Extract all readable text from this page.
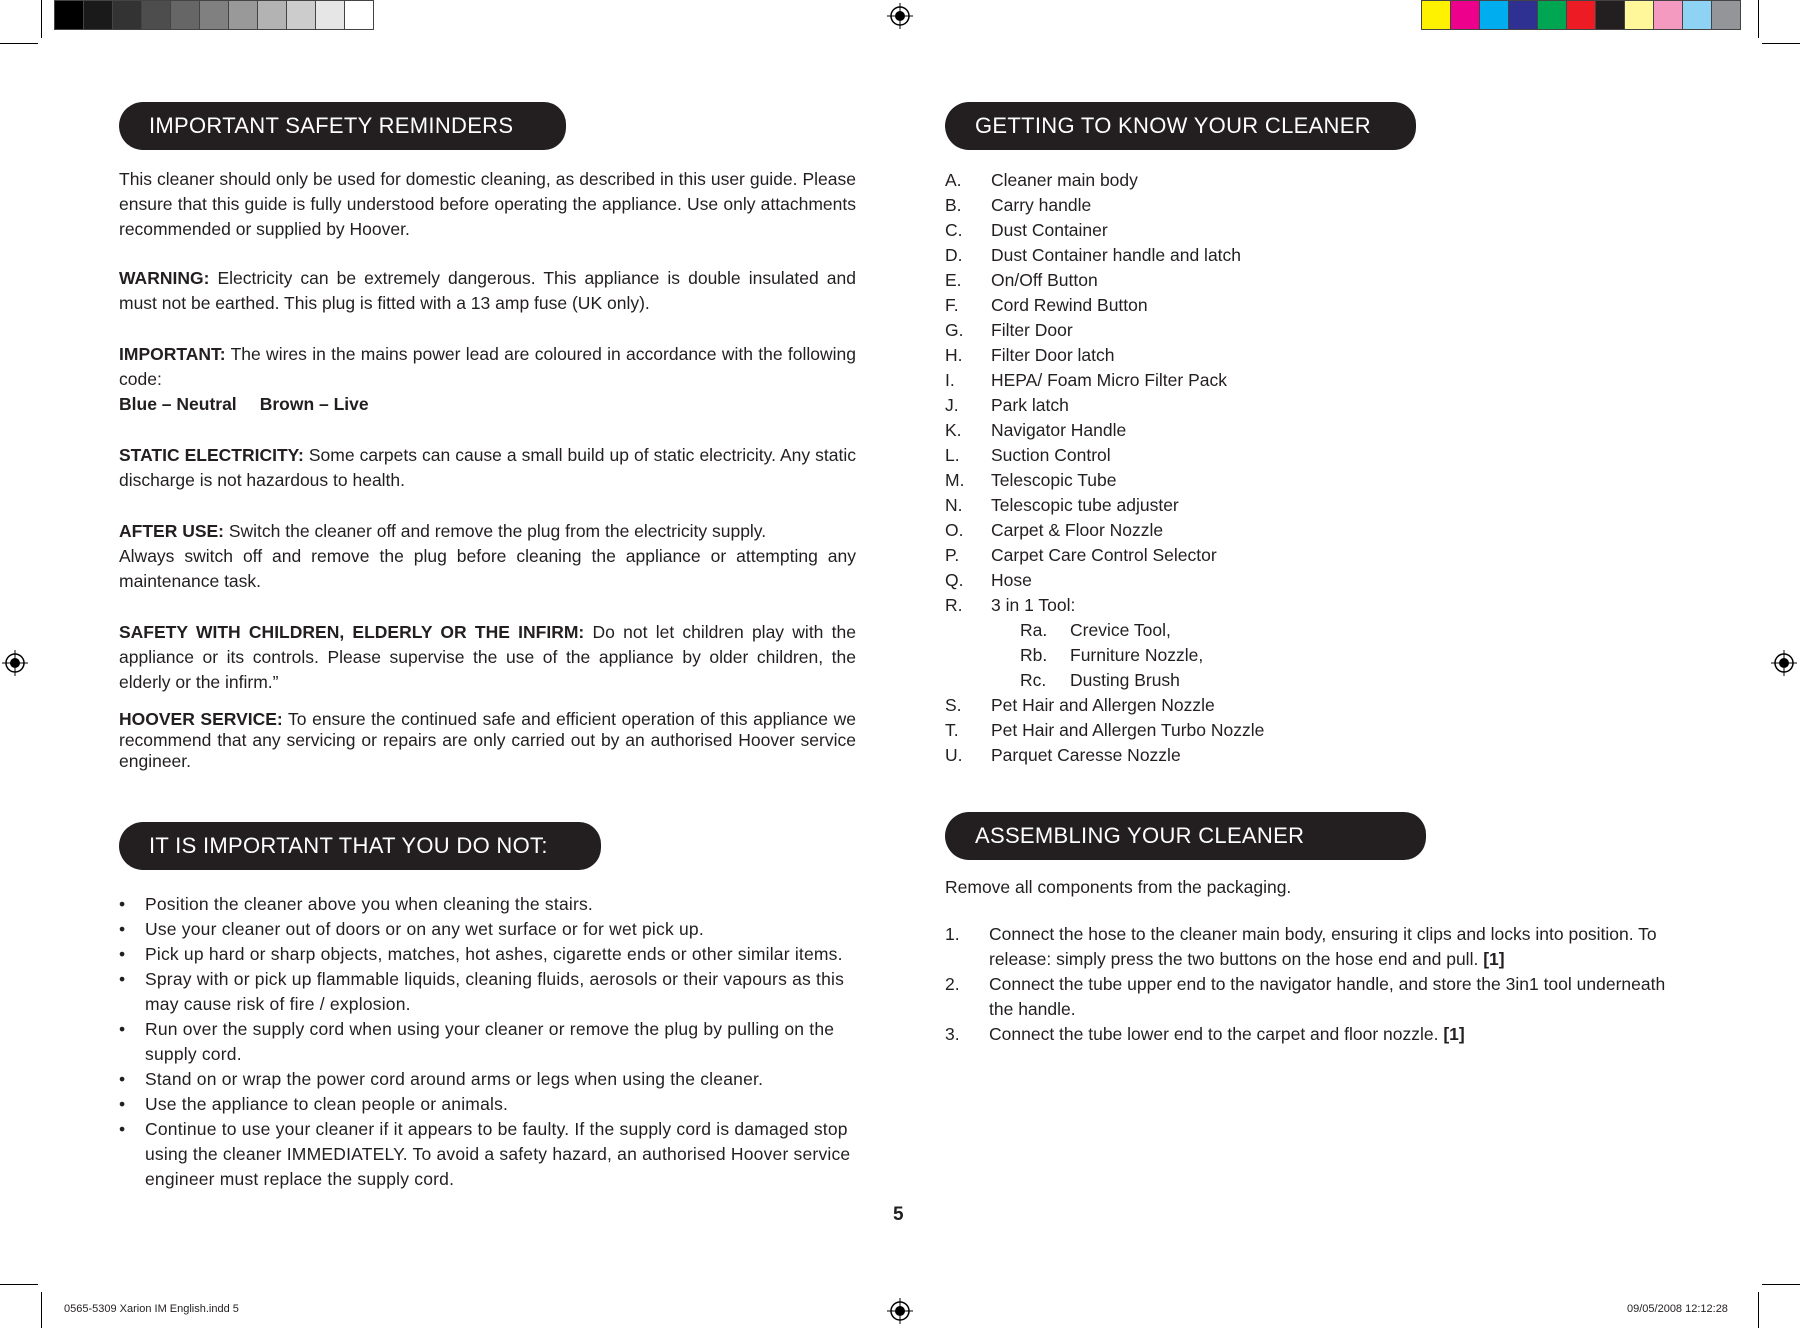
IMPORTANT SAFETY REMINDERS

This cleaner should only be used for domestic cleaning, as described in this user guide. Please ensure that this guide is fully understood before operating the appliance. Use only attachments recommended or supplied by Hoover.

WARNING: Electricity can be extremely dangerous. This appliance is double insulated and must not be earthed. This plug is fitted with a 13 amp fuse (UK only).

IMPORTANT: The wires in the mains power lead are coloured in accordance with the following code:

Blue – Neutral Brown – Live

STATIC ELECTRICITY: Some carpets can cause a small build up of static electricity. Any static discharge is not hazardous to health.

AFTER USE: Switch the cleaner off and remove the plug from the electricity supply.

Always switch off and remove the plug before cleaning the appliance or attempting any maintenance task.

SAFETY WITH CHILDREN, ELDERLY OR THE INFIRM: Do not let children play with the appliance or its controls. Please supervise the use of the appliance by older children, the elderly or the infirm.”

HOOVER SERVICE: To ensure the continued safe and efficient operation of this appliance we recommend that any servicing or repairs are only carried out by an authorised Hoover service engineer.

IT IS IMPORTANT THAT YOU DO NOT:
• Position the cleaner above you when cleaning the stairs.
• Use your cleaner out of doors or on any wet surface or for wet pick up.
• Pick up hard or sharp objects, matches, hot ashes, cigarette ends or other similar items.
• Spray with or pick up flammable liquids, cleaning fluids, aerosols or their vapours as this may cause risk of fire / explosion.
• Run over the supply cord when using your cleaner or remove the plug by pulling on the supply cord.
• Stand on or wrap the power cord around arms or legs when using the cleaner.
• Use the appliance to clean people or animals.
• Continue to use your cleaner if it appears to be faulty. If the supply cord is damaged stop using the cleaner IMMEDIATELY. To avoid a safety hazard, an authorised Hoover service engineer must replace the supply cord.
GETTING TO KNOW YOUR CLEANER
A.	Cleaner main body
B.	Carry handle
C.	Dust Container
D.	Dust Container handle and latch
E.	On/Off Button
F.	Cord Rewind Button
G.	Filter Door
H.	Filter Door latch
I.	HEPA/ Foam Micro Filter Pack
J.	Park latch
K.	Navigator Handle
L.	Suction Control
M.	Telescopic Tube
N.	Telescopic tube adjuster
O.	Carpet & Floor Nozzle
P.	Carpet Care Control Selector
Q.	Hose
R.	3 in 1 Tool:
Ra.	Crevice Tool,
Rb.	Furniture Nozzle,
Rc.	Dusting Brush
S.	Pet Hair and Allergen Nozzle
T.	Pet Hair and Allergen Turbo Nozzle
U.	Parquet Caresse Nozzle
ASSEMBLING YOUR CLEANER

Remove all components from the packaging.

1.	Connect the hose to the cleaner main body, ensuring it clips and locks into position. To release: simply press the two buttons on the hose end and pull. [1]
2.	Connect the tube upper end to the navigator handle, and store the 3in1 tool underneath the handle.
3.	Connect the tube lower end to the carpet and floor nozzle. [1]
5
0565-5309 Xarion IM English.indd 5	09/05/2008 12:12:28
